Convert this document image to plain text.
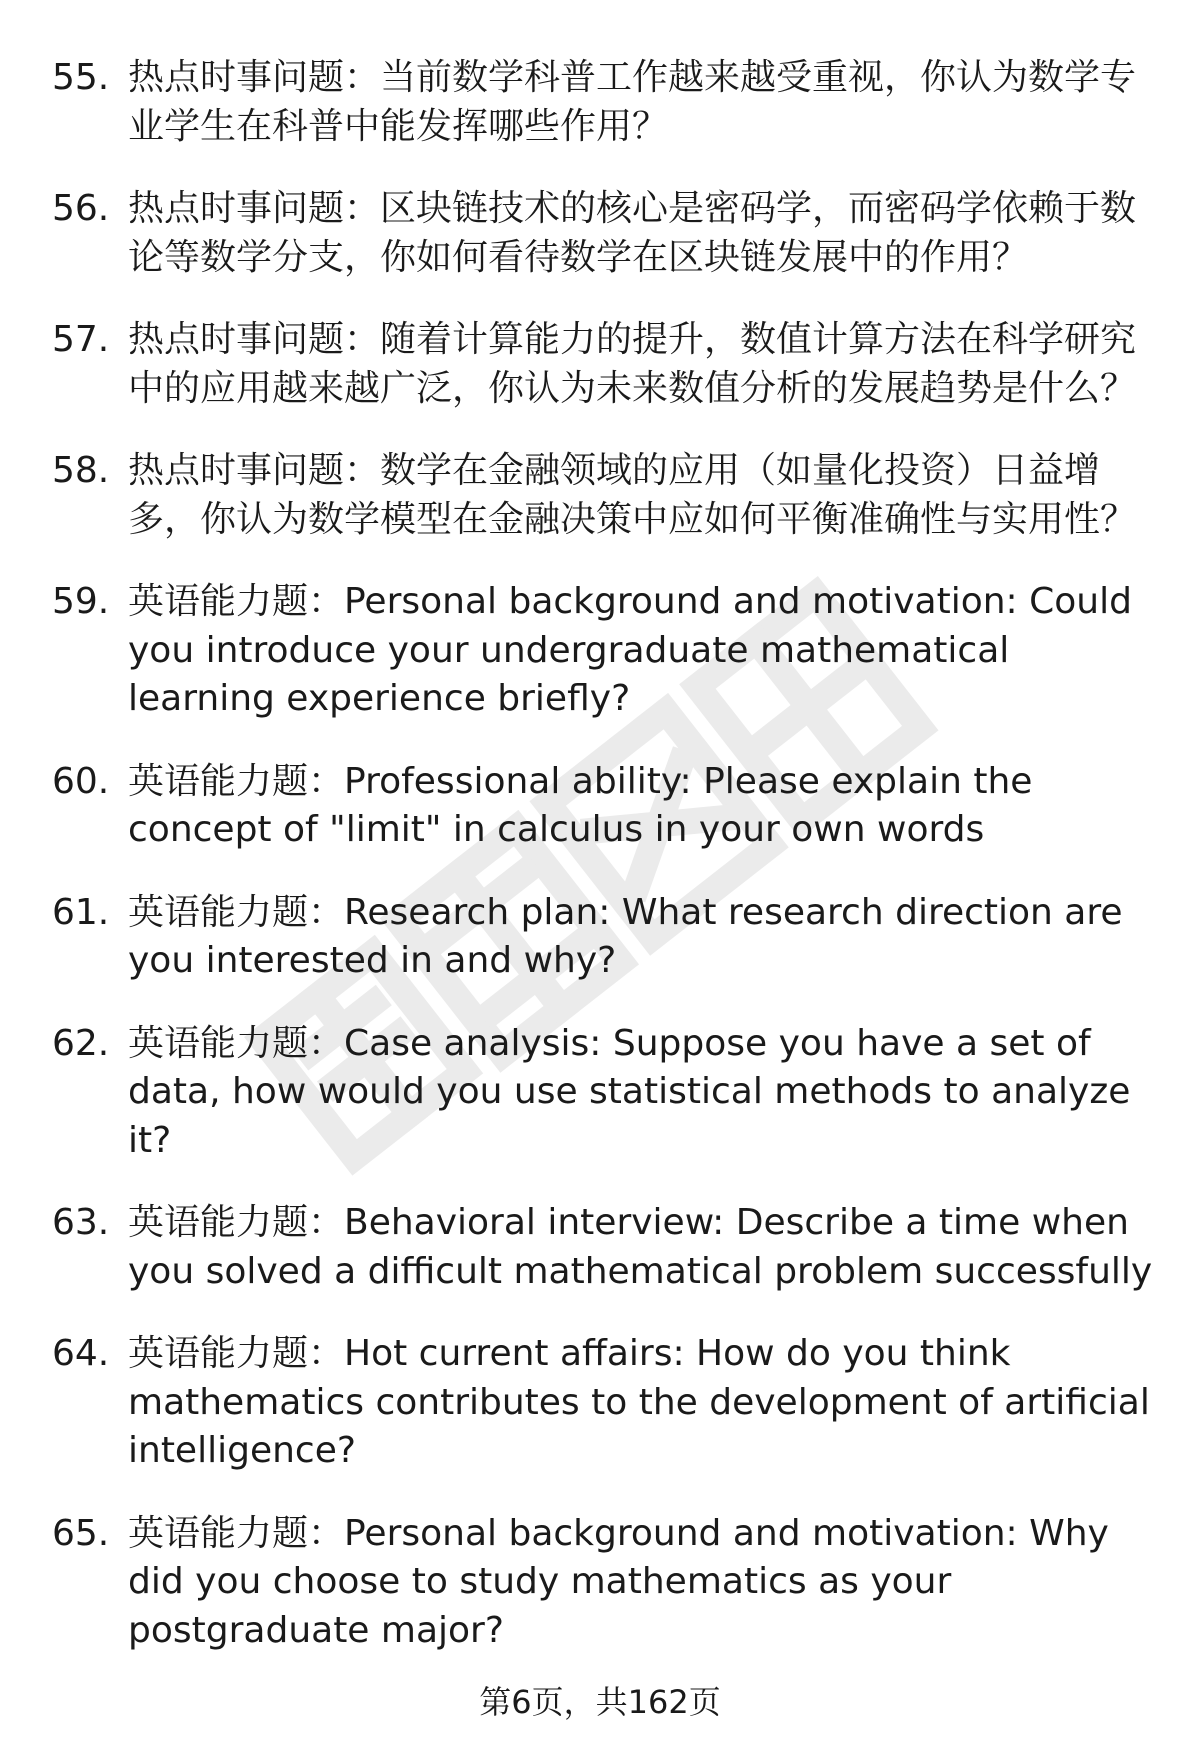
55. 热点时事问题：当前数学科普工作越来越受重视，你认为数学专业学生在科普中能发挥哪些作用？
56. 热点时事问题：区块链技术的核心是密码学，而密码学依赖于数论等数学分支，你如何看待数学在区块链发展中的作用？
57. 热点时事问题：随着计算能力的提升，数值计算方法在科学研究中的应用越来越广泛，你认为未来数值分析的发展趋势是什么？
58. 热点时事问题：数学在金融领域的应用（如量化投资）日益增多，你认为数学模型在金融决策中应如何平衡准确性与实用性？
59. 英语能力题：Personal background and motivation: Could you introduce your undergraduate mathematical learning experience briefly?
60. 英语能力题：Professional ability: Please explain the concept of "limit" in calculus in your own words
61. 英语能力题：Research plan: What research direction are you interested in and why?
62. 英语能力题：Case analysis: Suppose you have a set of data, how would you use statistical methods to analyze it?
63. 英语能力题：Behavioral interview: Describe a time when you solved a difficult mathematical problem successfully
64. 英语能力题：Hot current affairs: How do you think mathematics contributes to the development of artificial intelligence?
65. 英语能力题：Personal background and motivation: Why did you choose to study mathematics as your postgraduate major?
第6页，共162页
